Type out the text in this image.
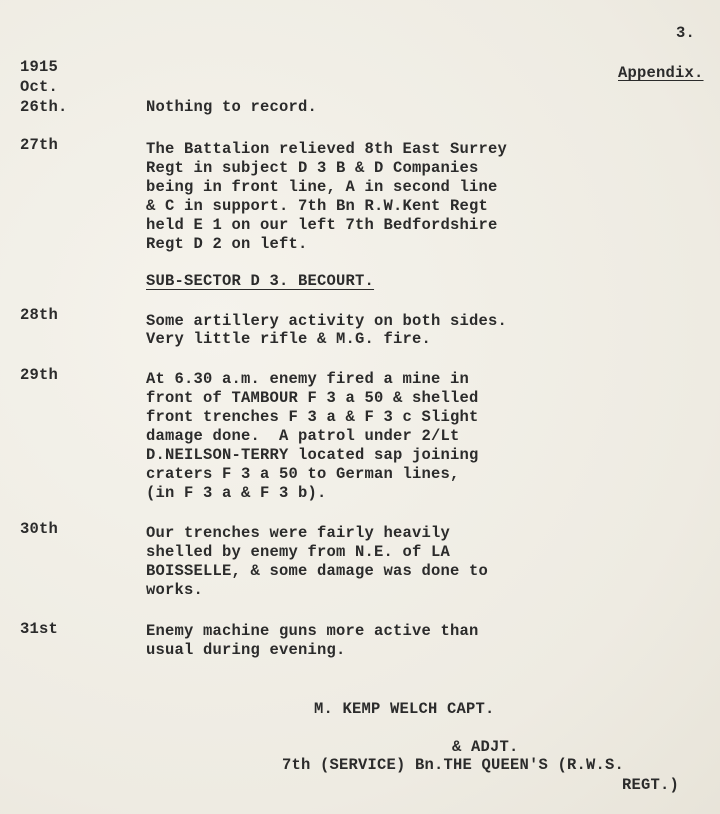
3.
Appendix.
1915
Oct.
26th.	Nothing to record.
27th	The Battalion relieved 8th East Surrey
Regt in subject D 3 B & D Companies
being in front line, A in second line
& C in support. 7th Bn R.W.Kent Regt
held E 1 on our left 7th Bedfordshire
Regt D 2 on left.
SUB-SECTOR D 3. BECOURT.
28th	Some artillery activity on both sides.
Very little rifle & M.G. fire.
29th	At 6.30 a.m. enemy fired a mine in
front of TAMBOUR F 3 a 50 & shelled
front trenches F 3 a & F 3 c Slight
damage done.  A patrol under 2/Lt
D.NEILSON-TERRY located sap joining
craters F 3 a 50 to German lines,
(in F 3 a & F 3 b).
30th	Our trenches were fairly heavily
shelled by enemy from N.E. of LA
BOISSELLE, & some damage was done to
works.
31st	Enemy machine guns more active than
usual during evening.
M. KEMP WELCH CAPT.
& ADJT.
7th (SERVICE) Bn.THE QUEEN'S (R.W.S.
REGT.)
